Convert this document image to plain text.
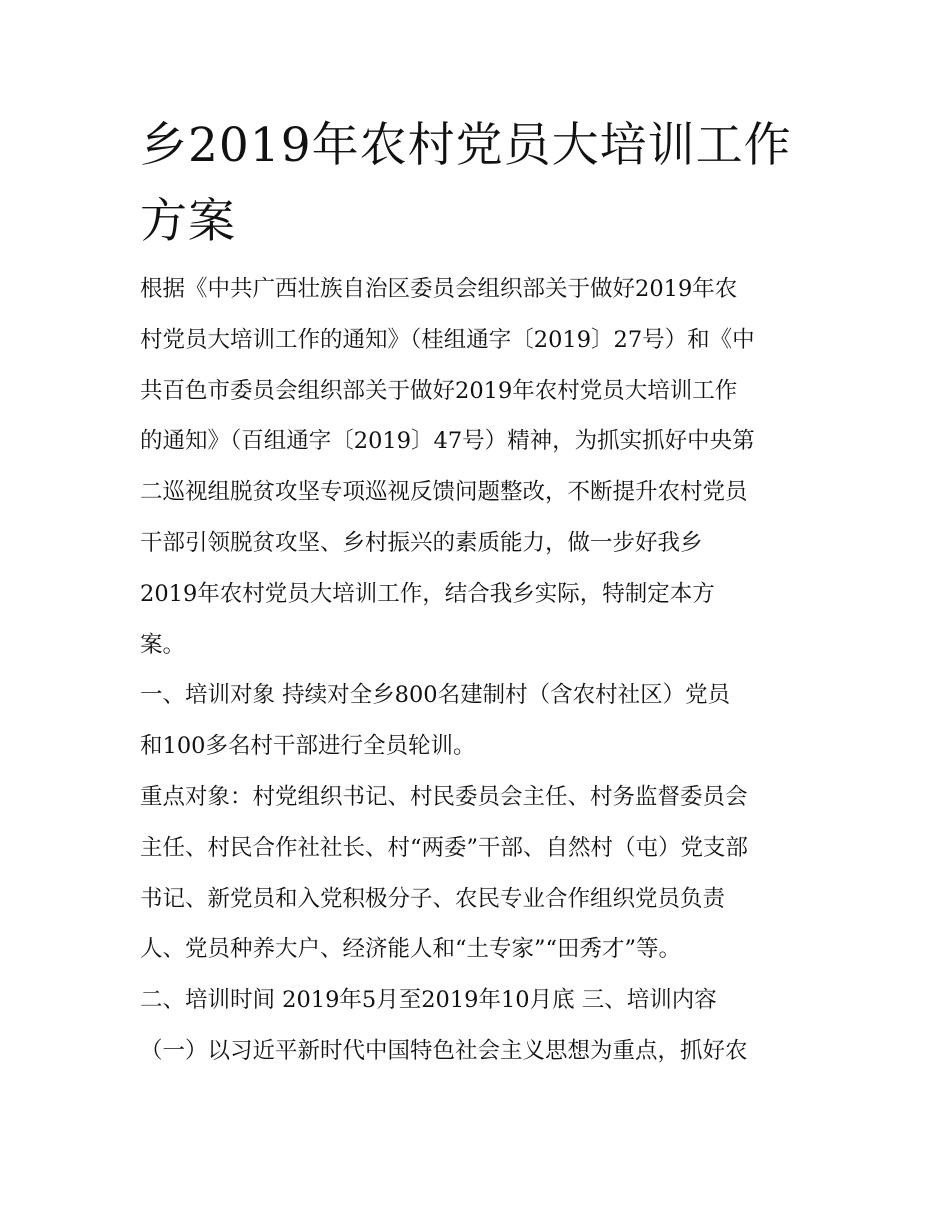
乡2019年农村党员大培训工作
方案
根据《中共广西壮族自治区委员会组织部关于做好2019年农
村党员大培训工作的通知》（桂组通字〔2019〕27号）和《中
共百色市委员会组织部关于做好2019年农村党员大培训工作
的通知》（百组通字〔2019〕47号）精神，为抓实抓好中央第
二巡视组脱贫攻坚专项巡视反馈问题整改，不断提升农村党员
干部引领脱贫攻坚、乡村振兴的素质能力，做一步好我乡
2019年农村党员大培训工作，结合我乡实际，特制定本方
案。
一、培训对象 持续对全乡800名建制村（含农村社区）党员
和100多名村干部进行全员轮训。
重点对象：村党组织书记、村民委员会主任、村务监督委员会
主任、村民合作社社长、村“两委”干部、自然村（屯）党支部
书记、新党员和入党积极分子、农民专业合作组织党员负责
人、党员种养大户、经济能人和“土专家”“田秀才”等。
二、培训时间 2019年5月至2019年10月底 三、培训内容
（一）以习近平新时代中国特色社会主义思想为重点，抓好农
